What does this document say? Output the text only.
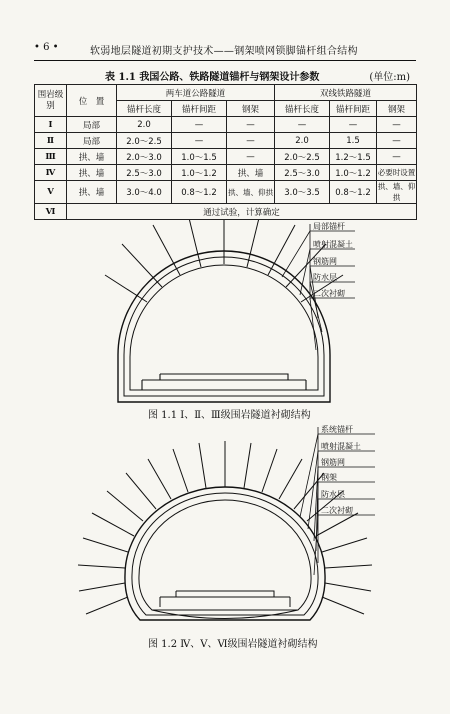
• 6 •	软弱地层隧道初期支护技术——钢架喷网锁脚锚杆组合结构
表 1.1 我国公路、铁路隧道锚杆与钢架设计参数	(单位:m)
围岩级别	位　置	两车道公路隧道			双线铁路隧道		
		锚杆长度	锚杆间距	钢架	锚杆长度	锚杆间距	钢架
Ⅰ	局部	2.0	—	—	—	—	—
Ⅱ	局部	2.0～2.5	—	—	2.0	1.5	—
Ⅲ	拱、墙	2.0～3.0	1.0～1.5	—	2.0～2.5	1.2～1.5	—
Ⅳ	拱、墙	2.5～3.0	1.0～1.2	拱、墙	2.5～3.0	1.0～1.2	必要时设置
Ⅴ	拱、墙	3.0～4.0	0.8～1.2	拱、墙、仰拱	3.0～3.5	0.8～1.2	拱、墙、仰拱
Ⅵ	通过试验，计算确定						
局部锚杆
喷射混凝土
钢筋网
防水层
二次衬砌
图 1.1 Ⅰ、Ⅱ、Ⅲ级围岩隧道衬砌结构
系统锚杆
喷射混凝土
钢筋网
钢架
防水层
二次衬砌
图 1.2 Ⅳ、Ⅴ、Ⅵ级围岩隧道衬砌结构
